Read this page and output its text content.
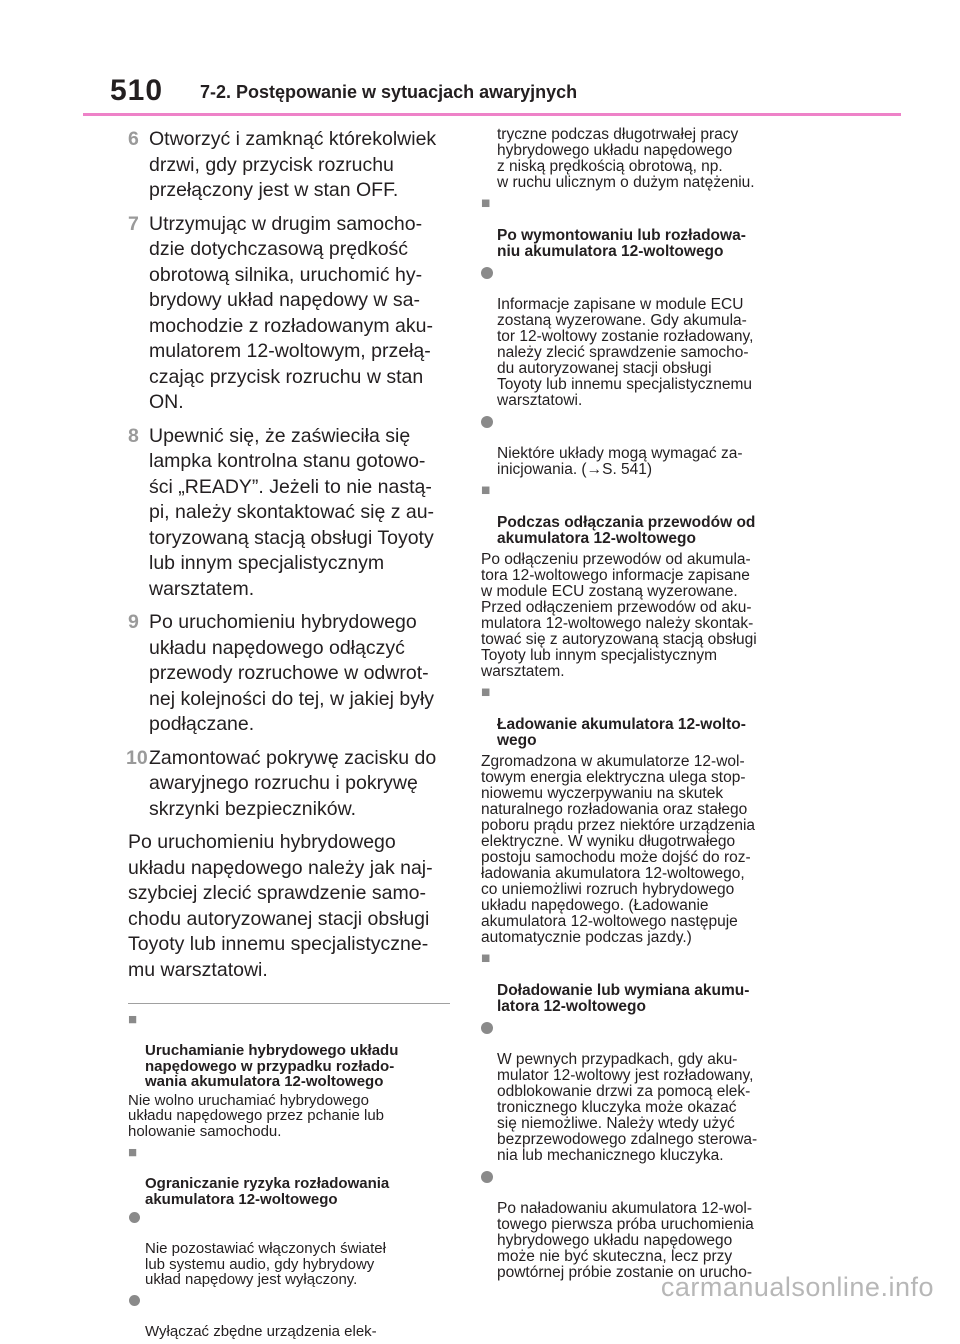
510 7-2. Postępowanie w sytuacjach awaryjnych
6 Otworzyć i zamknąć którekolwiek
drzwi, gdy przycisk rozruchu
przełączony jest w stan OFF.
7 Utrzymując w drugim samocho-
dzie dotychczasową prędkość
obrotową silnika, uruchomić hy-
brydowy układ napędowy w sa-
mochodzie z rozładowanym aku-
mulatorem 12-woltowym, przełą-
czając przycisk rozruchu w stan
ON.
8 Upewnić się, że zaświeciła się
lampka kontrolna stanu gotowo-
ści „READY”. Jeżeli to nie nastą-
pi, należy skontaktować się z au-
toryzowaną stacją obsługi Toyoty
lub innym specjalistycznym
warsztatem.
9 Po uruchomieniu hybrydowego
układu napędowego odłączyć
przewody rozruchowe w odwrot-
nej kolejności do tej, w jakiej były
podłączane.
10 Zamontować pokrywę zacisku do
awaryjnego rozruchu i pokrywę
skrzynki bezpieczników.
Po uruchomieniu hybrydowego
układu napędowego należy jak naj-
szybciej zlecić sprawdzenie samo-
chodu autoryzowanej stacji obsługi
Toyoty lub innemu specjalistyczne-
mu warsztatowi.

■

Uruchamianie hybrydowego układu
napędowego w przypadku rozłado-
wania akumulatora 12-woltowego

Nie wolno uruchamiać hybrydowego
układu napędowego przez pchanie lub
holowanie samochodu.

■

Ograniczanie ryzyka rozładowania
akumulatora 12-woltowego

Nie pozostawiać włączonych świateł
lub systemu audio, gdy hybrydowy
układ napędowy jest wyłączony.

Wyłączać zbędne urządzenia elek-

tryczne podczas długotrwałej pracy
hybrydowego układu napędowego
z niską prędkością obrotową, np.
w ruchu ulicznym o dużym natężeniu.

■

Po wymontowaniu lub rozładowa-
niu akumulatora 12-woltowego

Informacje zapisane w module ECU
zostaną wyzerowane. Gdy akumula-
tor 12-woltowy zostanie rozładowany,
należy zlecić sprawdzenie samocho-
du autoryzowanej stacji obsługi
Toyoty lub innemu specjalistycznemu
warsztatowi.

Niektóre układy mogą wymagać za-
inicjowania. (→S. 541)

■

Podczas odłączania przewodów od
akumulatora 12-woltowego

Po odłączeniu przewodów od akumula-
tora 12-woltowego informacje zapisane
w module ECU zostaną wyzerowane.
Przed odłączeniem przewodów od aku-
mulatora 12-woltowego należy skontak-
tować się z autoryzowaną stacją obsługi
Toyoty lub innym specjalistycznym
warsztatem.

■

Ładowanie akumulatora 12-wolto-
wego

Zgromadzona w akumulatorze 12-wol-
towym energia elektryczna ulega stop-
niowemu wyczerpywaniu na skutek
naturalnego rozładowania oraz stałego
poboru prądu przez niektóre urządzenia
elektryczne. W wyniku długotrwałego
postoju samochodu może dojść do roz-
ładowania akumulatora 12-woltowego,
co uniemożliwi rozruch hybrydowego
układu napędowego. (Ładowanie
akumulatora 12-woltowego następuje
automatycznie podczas jazdy.)

■

Doładowanie lub wymiana akumu-
latora 12-woltowego

W pewnych przypadkach, gdy aku-
mulator 12-woltowy jest rozładowany,
odblokowanie drzwi za pomocą elek-
tronicznego kluczyka może okazać
się niemożliwe. Należy wtedy użyć
bezprzewodowego zdalnego sterowa-
nia lub mechanicznego kluczyka.

Po naładowaniu akumulatora 12-wol-
towego pierwsza próba uruchomienia
hybrydowego układu napędowego
może nie być skuteczna, lecz przy
powtórnej próbie zostanie on urucho-

carmanualsonline.info
